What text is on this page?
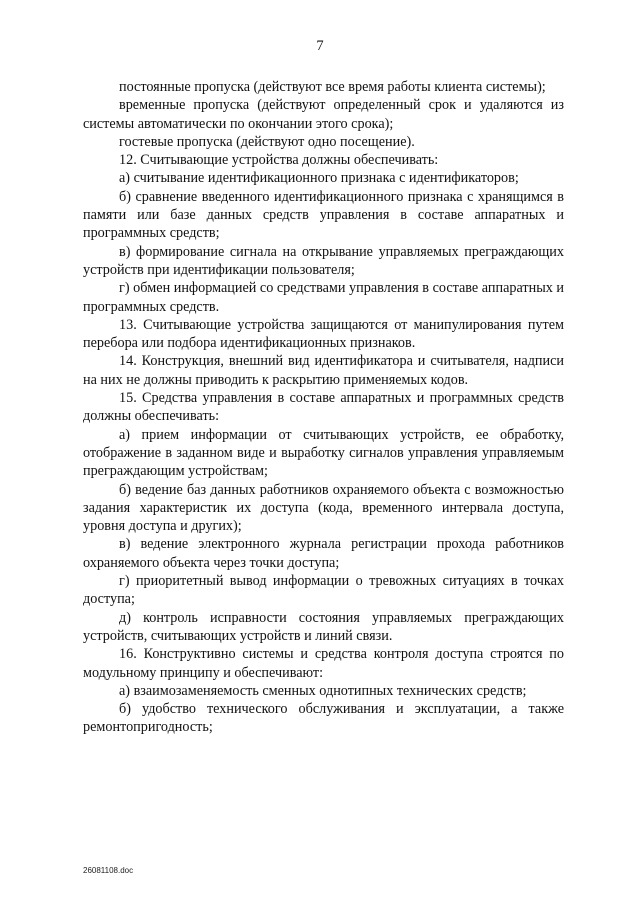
7

постоянные пропуска (действуют все время работы клиента системы);

временные пропуска (действуют определенный срок и удаляются из системы автоматически по окончании этого срока);

гостевые пропуска (действуют одно посещение).

12. Считывающие устройства должны обеспечивать:

а) считывание идентификационного признака с идентификаторов;

б) сравнение введенного идентификационного признака с хранящимся в памяти или базе данных средств управления в составе аппаратных и программных средств;

в) формирование сигнала на открывание управляемых преграждающих устройств при идентификации пользователя;

г) обмен информацией со средствами управления в составе аппаратных и программных средств.

13. Считывающие устройства защищаются от манипулирования путем перебора или подбора идентификационных признаков.

14. Конструкция, внешний вид идентификатора и считывателя, надписи на них не должны приводить к раскрытию применяемых кодов.

15. Средства управления в составе аппаратных и программных средств должны обеспечивать:

а) прием информации от считывающих устройств, ее обработку, отображение в заданном виде и выработку сигналов управления управляемым преграждающим устройствам;

б) ведение баз данных работников охраняемого объекта с возможностью задания характеристик их доступа (кода, временного интервала доступа, уровня доступа и других);

в) ведение электронного журнала регистрации прохода работников охраняемого объекта через точки доступа;

г) приоритетный вывод информации о тревожных ситуациях в точках доступа;

д) контроль исправности состояния управляемых преграждающих устройств, считывающих устройств и линий связи.

16. Конструктивно системы и средства контроля доступа строятся по модульному принципу и обеспечивают:

а) взаимозаменяемость сменных однотипных технических средств;

б) удобство технического обслуживания и эксплуатации, а также ремонтопригодность;

26081108.doc
